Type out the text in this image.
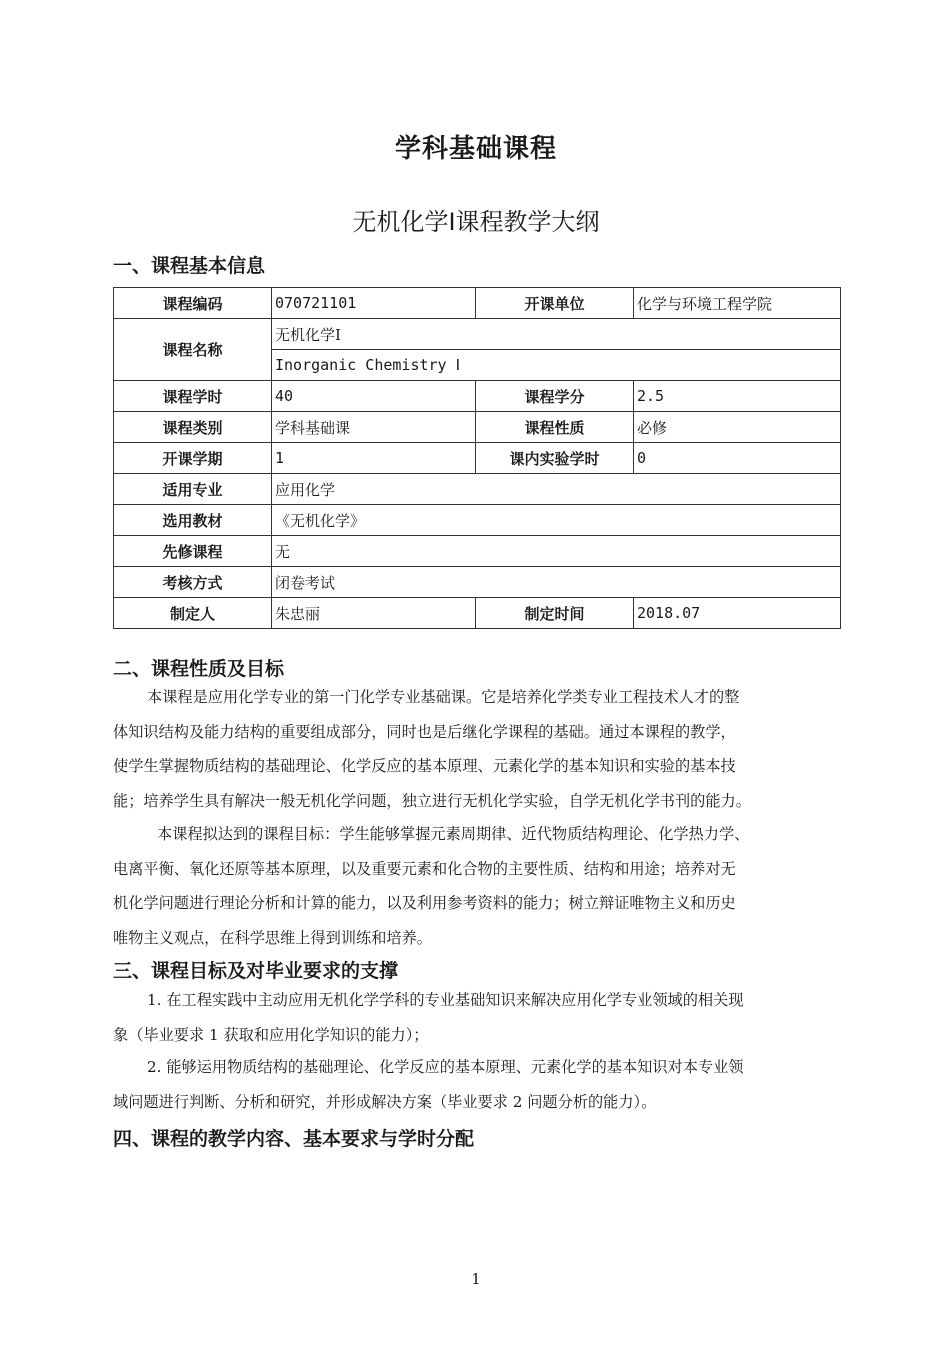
学科基础课程
无机化学Ⅰ课程教学大纲
一、课程基本信息
课程编码	070721101	开课单位	化学与环境工程学院
课程名称	无机化学Ⅰ		
	Inorganic Chemistry Ⅰ		
课程学时	40	课程学分	2.5
课程类别	学科基础课	课程性质	必修
开课学期	1	课内实验学时	0
适用专业	应用化学		
选用教材	《无机化学》		
先修课程	无		
考核方式	闭卷考试		
制定人	朱忠丽	制定时间	2018.07
二、课程性质及目标
本课程是应用化学专业的第一门化学专业基础课。它是培养化学类专业工程技术人才的整
体知识结构及能力结构的重要组成部分，同时也是后继化学课程的基础。通过本课程的教学，
使学生掌握物质结构的基础理论、化学反应的基本原理、元素化学的基本知识和实验的基本技
能；培养学生具有解决一般无机化学问题，独立进行无机化学实验，自学无机化学书刊的能力。
本课程拟达到的课程目标：学生能够掌握元素周期律、近代物质结构理论、化学热力学、
电离平衡、氧化还原等基本原理，以及重要元素和化合物的主要性质、结构和用途；培养对无
机化学问题进行理论分析和计算的能力，以及利用参考资料的能力；树立辩证唯物主义和历史
唯物主义观点，在科学思维上得到训练和培养。
三、课程目标及对毕业要求的支撑
1. 在工程实践中主动应用无机化学学科的专业基础知识来解决应用化学专业领域的相关现
象（毕业要求 1 获取和应用化学知识的能力）；
2. 能够运用物质结构的基础理论、化学反应的基本原理、元素化学的基本知识对本专业领
域问题进行判断、分析和研究，并形成解决方案（毕业要求 2 问题分析的能力）。
四、课程的教学内容、基本要求与学时分配
1
